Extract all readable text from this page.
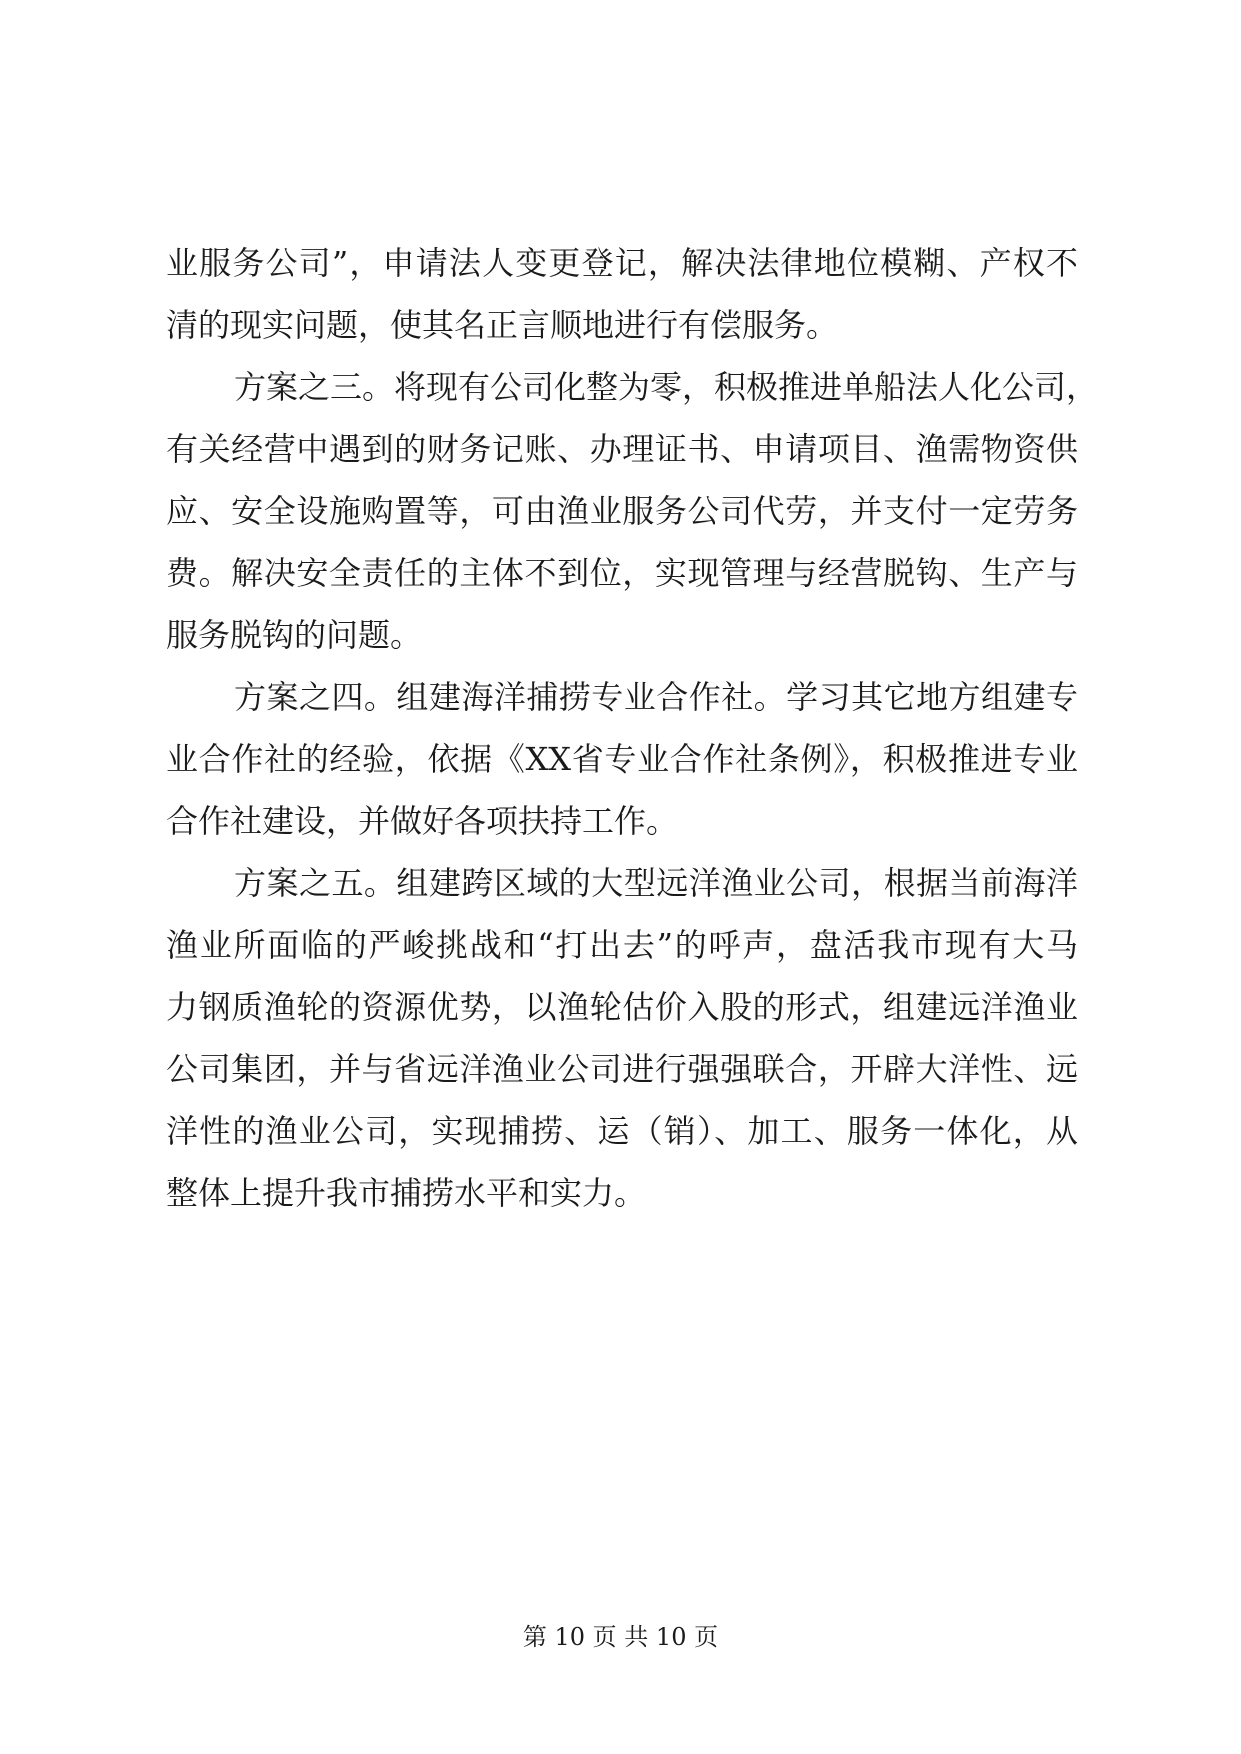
业服务公司”，申请法人变更登记，解决法律地位模糊、产权不
清的现实问题，使其名正言顺地进行有偿服务。
方案之三。将现有公司化整为零，积极推进单船法人化公司，
有关经营中遇到的财务记账、办理证书、申请项目、渔需物资供
应、安全设施购置等，可由渔业服务公司代劳，并支付一定劳务
费。解决安全责任的主体不到位，实现管理与经营脱钩、生产与
服务脱钩的问题。
方案之四。组建海洋捕捞专业合作社。学习其它地方组建专
业合作社的经验，依据《XX省专业合作社条例》，积极推进专业
合作社建设，并做好各项扶持工作。
方案之五。组建跨区域的大型远洋渔业公司，根据当前海洋
渔业所面临的严峻挑战和“打出去”的呼声，盘活我市现有大马
力钢质渔轮的资源优势，以渔轮估价入股的形式，组建远洋渔业
公司集团，并与省远洋渔业公司进行强强联合，开辟大洋性、远
洋性的渔业公司，实现捕捞、运（销）、加工、服务一体化，从
整体上提升我市捕捞水平和实力。
第 10 页 共 10 页
